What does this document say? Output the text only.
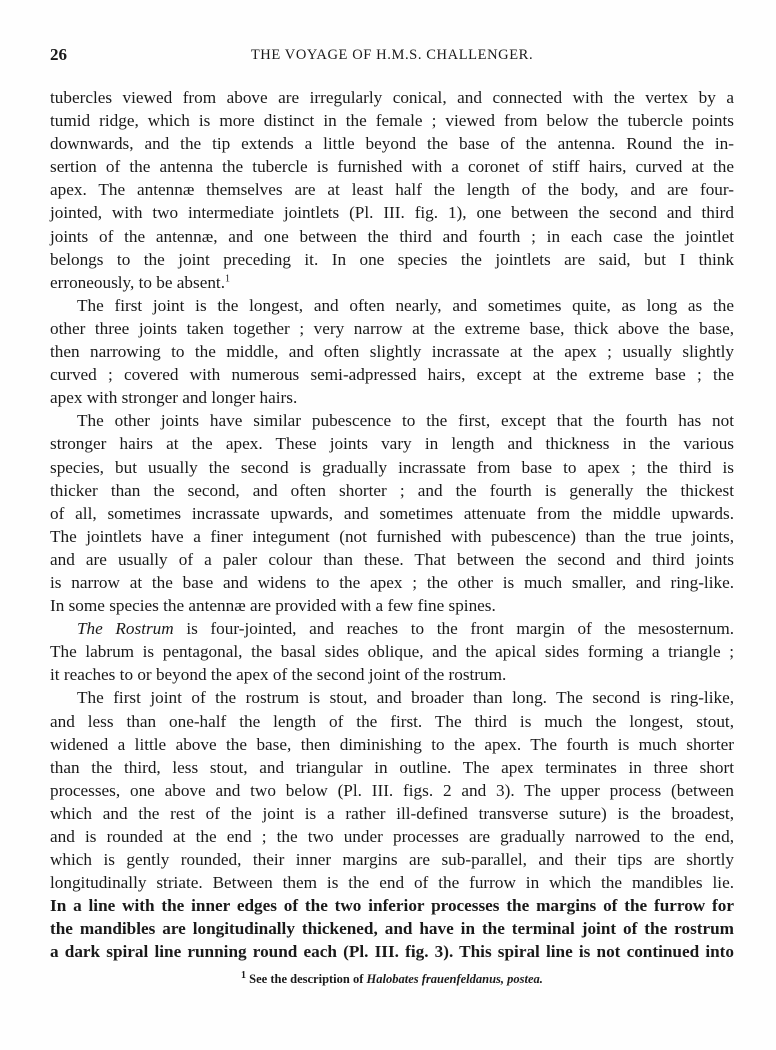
26	THE VOYAGE OF H.M.S. CHALLENGER.

tubercles viewed from above are irregularly conical, and connected with the vertex by a
tumid ridge, which is more distinct in the female ; viewed from below the tubercle points
downwards, and the tip extends a little beyond the base of the antenna. Round the in-
sertion of the antenna the tubercle is furnished with a coronet of stiff hairs, curved at the
apex. The antennæ themselves are at least half the length of the body, and are four-
jointed, with two intermediate jointlets (Pl. III. fig. 1), one between the second and third
joints of the antennæ, and one between the third and fourth ; in each case the jointlet
belongs to the joint preceding it. In one species the jointlets are said, but I think
erroneously, to be absent.$^1$

The first joint is the longest, and often nearly, and sometimes quite, as long as the
other three joints taken together ; very narrow at the extreme base, thick above the base,
then narrowing to the middle, and often slightly incrassate at the apex ; usually slightly
curved ; covered with numerous semi-adpressed hairs, except at the extreme base ; the
apex with stronger and longer hairs.

The other joints have similar pubescence to the first, except that the fourth has not
stronger hairs at the apex. These joints vary in length and thickness in the various
species, but usually the second is gradually incrassate from base to apex ; the third is
thicker than the second, and often shorter ; and the fourth is generally the thickest
of all, sometimes incrassate upwards, and sometimes attenuate from the middle upwards.
The jointlets have a finer integument (not furnished with pubescence) than the true joints,
and are usually of a paler colour than these. That between the second and third joints
is narrow at the base and widens to the apex ; the other is much smaller, and ring-like.
In some species the antennæ are provided with a few fine spines.

The Rostrum is four-jointed, and reaches to the front margin of the mesosternum.
The labrum is pentagonal, the basal sides oblique, and the apical sides forming a triangle ;
it reaches to or beyond the apex of the second joint of the rostrum.

The first joint of the rostrum is stout, and broader than long. The second is ring-like,
and less than one-half the length of the first. The third is much the longest, stout,
widened a little above the base, then diminishing to the apex. The fourth is much shorter
than the third, less stout, and triangular in outline. The apex terminates in three short
processes, one above and two below (Pl. III. figs. 2 and 3). The upper process (between
which and the rest of the joint is a rather ill-defined transverse suture) is the broadest,
and is rounded at the end ; the two under processes are gradually narrowed to the end,
which is gently rounded, their inner margins are sub-parallel, and their tips are shortly
longitudinally striate. Between them is the end of the furrow in which the mandibles lie.
In a line with the inner edges of the two inferior processes the margins of the furrow for
the mandibles are longitudinally thickened, and have in the terminal joint of the rostrum
a dark spiral line running round each (Pl. III. fig. 3). This spiral line is not continued into

$^1$ See the description of Halobates frauenfeldanus, postea.
